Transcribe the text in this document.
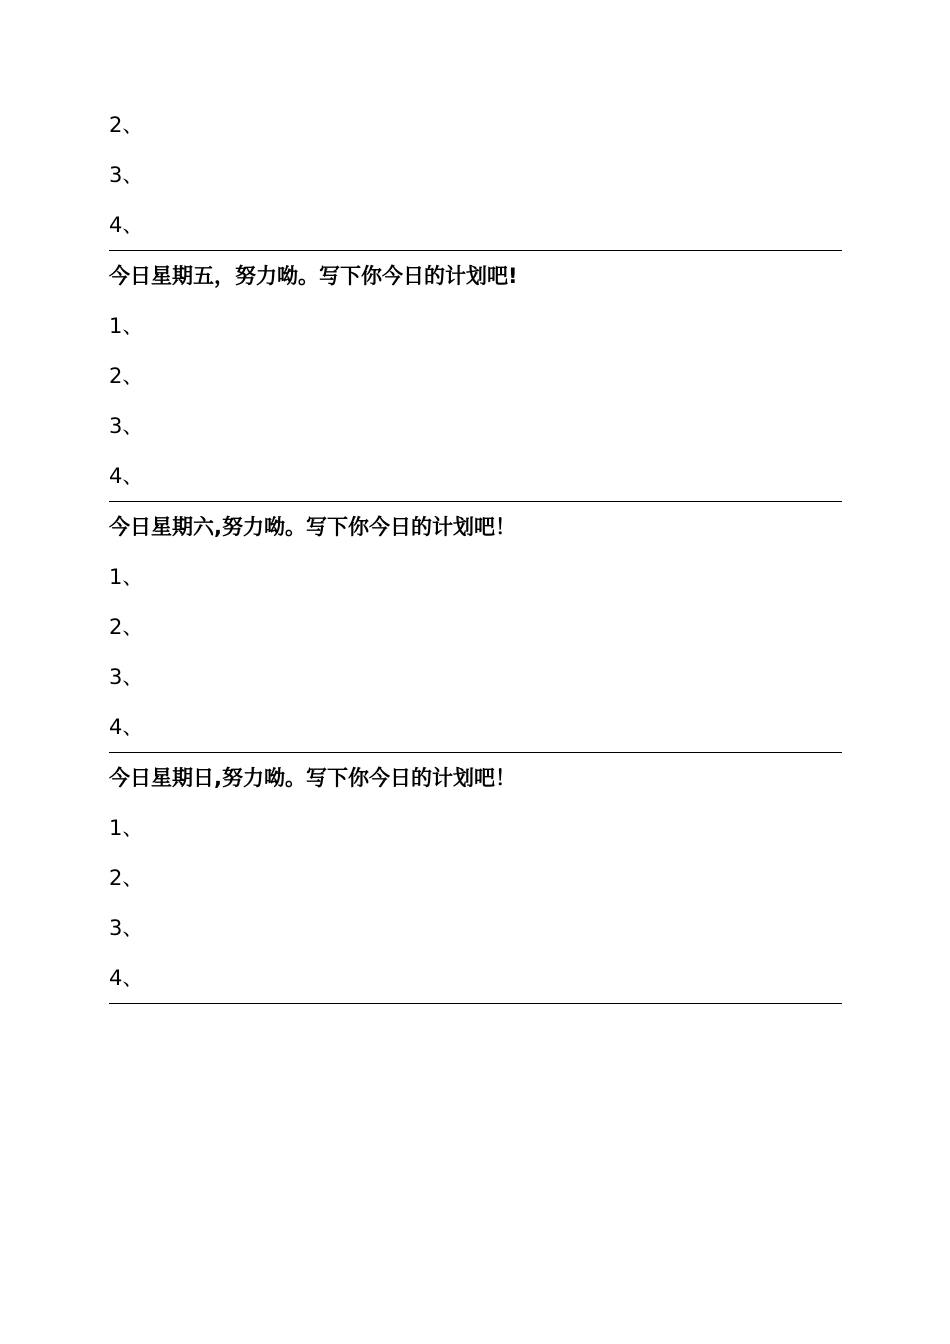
2、
3、
4、
今日星期五，努力呦。写下你今日的计划吧!
1、
2、
3、
4、
今日星期六,努力呦。写下你今日的计划吧！
1、
2、
3、
4、
今日星期日,努力呦。写下你今日的计划吧！
1、
2、
3、
4、
